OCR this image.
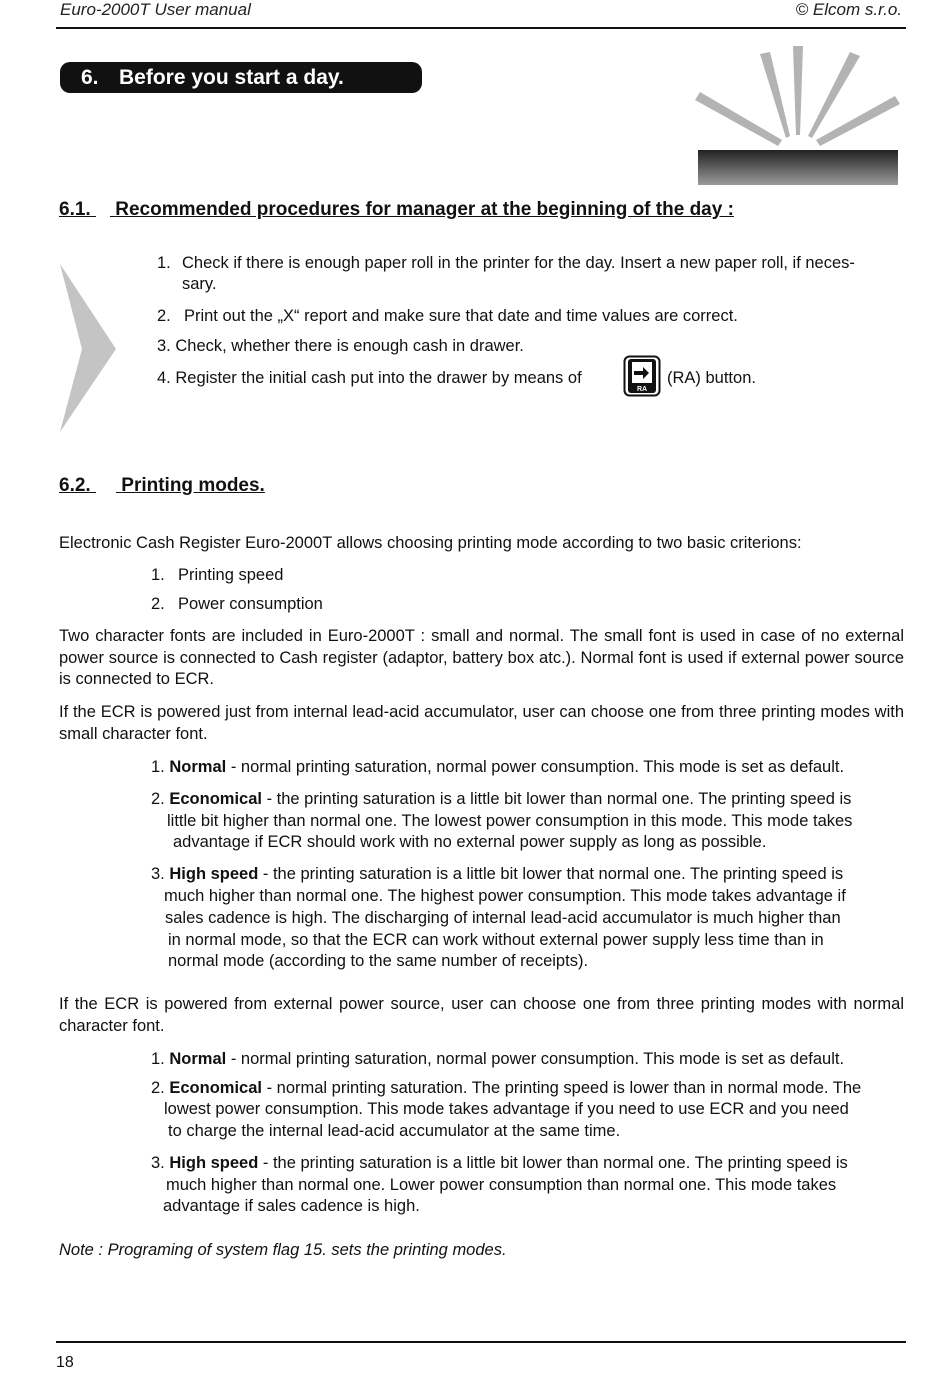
Euro-2000T User manual	© Elcom s.r.o.
6. Before you start a day.
6.1. Recommended procedures for manager at the beginning of the day :
1. Check if there is enough paper roll in the printer for the day. Insert a new paper roll, if neces-
sary.
2. Print out the „X“ report and make sure that date and time values are correct.
3. Check, whether there is enough cash in drawer.
4. Register the initial cash put into the drawer by means of
RA
(RA) button.
6.2. Printing modes.
Electronic Cash Register Euro-2000T allows choosing printing mode according to two basic criterions:
1. Printing speed
2. Power consumption
Two character fonts are included in Euro-2000T : small and normal. The small font is used in case of no external power source is connected to Cash register (adaptor, battery box atc.). Normal font is used if external power source is connected to ECR.
If the ECR is powered just from internal lead-acid accumulator, user can choose one from three printing modes with small character font.
1. Normal - normal printing saturation, normal power consumption. This mode is set as default.
2. Economical - the printing saturation is a little bit lower than normal one. The printing speed is
little bit higher than normal one. The lowest power consumption in this mode. This mode takes
advantage if ECR should work with no external power supply as long as possible.
3. High speed - the printing saturation is a little bit lower that normal one. The printing speed is
much higher than normal one. The highest power consumption. This mode takes advantage if
sales cadence is high. The discharging of internal lead-acid accumulator is much higher than
in normal mode, so that the ECR can work without external power supply less time than in
normal mode (according to the same number of receipts).
If the ECR is powered from external power source, user can choose one from three printing modes with normal character font.
1. Normal - normal printing saturation, normal power consumption. This mode is set as default.
2. Economical - normal printing saturation. The printing speed is lower than in normal mode. The
lowest power consumption. This mode takes advantage if you need to use ECR and you need
to charge the internal lead-acid accumulator at the same time.
3. High speed - the printing saturation is a little bit lower than normal one. The printing speed is
much higher than normal one. Lower power consumption than normal one. This mode takes
advantage if sales cadence is high.
Note : Programing of system flag 15. sets the printing modes.
18
